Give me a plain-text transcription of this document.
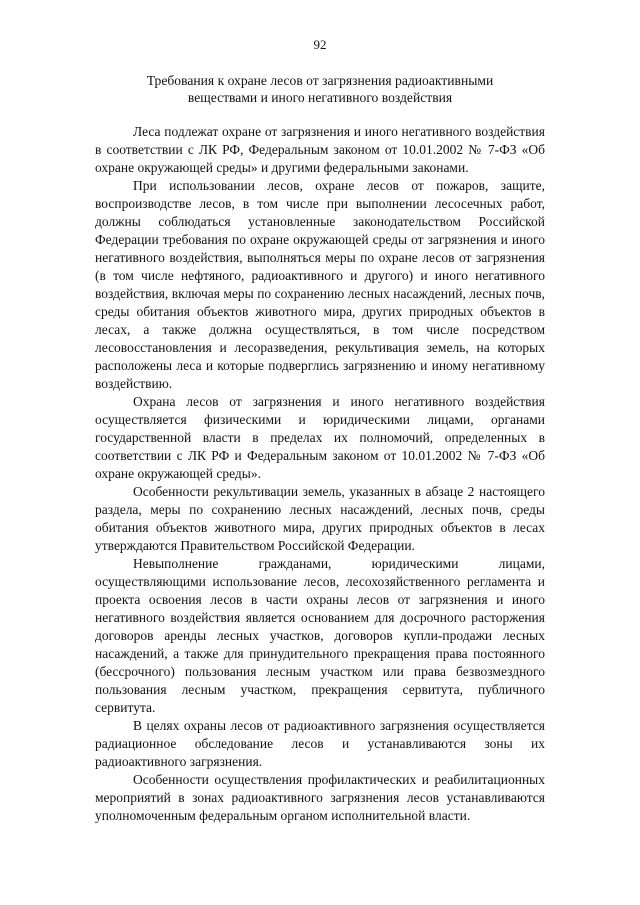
92
Требования к охране лесов от загрязнения радиоактивными
веществами и иного негативного воздействия

Леса подлежат охране от загрязнения и иного негативного воздействия в соответствии с ЛК РФ, Федеральным законом от 10.01.2002 № 7-ФЗ «Об охране окружающей среды» и другими федеральными законами.

При использовании лесов, охране лесов от пожаров, защите, воспроизводстве лесов, в том числе при выполнении лесосечных работ, должны соблюдаться установленные законодательством Российской Федерации требования по охране окружающей среды от загрязнения и иного негативного воздействия, выполняться меры по охране лесов от загрязнения (в том числе нефтяного, радиоактивного и другого) и иного негативного воздействия, включая меры по сохранению лесных насаждений, лесных почв, среды обитания объектов животного мира, других природных объектов в лесах, а также должна осуществляться, в том числе посредством лесовосстановления и лесоразведения, рекультивация земель, на которых расположены леса и которые подверглись загрязнению и иному негативному воздействию.

Охрана лесов от загрязнения и иного негативного воздействия осуществляется физическими и юридическими лицами, органами государственной власти в пределах их полномочий, определенных в соответствии с ЛК РФ и Федеральным законом от 10.01.2002 № 7-ФЗ «Об охране окружающей среды».

Особенности рекультивации земель, указанных в абзаце 2 настоящего раздела, меры по сохранению лесных насаждений, лесных почв, среды обитания объектов животного мира, других природных объектов в лесах утверждаются Правительством Российской Федерации.

Невыполнение гражданами, юридическими лицами, осуществляющими использование лесов, лесохозяйственного регламента и проекта освоения лесов в части охраны лесов от загрязнения и иного негативного воздействия является основанием для досрочного расторжения договоров аренды лесных участков, договоров купли-продажи лесных насаждений, а также для принудительного прекращения права постоянного (бессрочного) пользования лесным участком или права безвозмездного пользования лесным участком, прекращения сервитута, публичного сервитута.

В целях охраны лесов от радиоактивного загрязнения осуществляется радиационное обследование лесов и устанавливаются зоны их радиоактивного загрязнения.

Особенности осуществления профилактических и реабилитационных мероприятий в зонах радиоактивного загрязнения лесов устанавливаются уполномоченным федеральным органом исполнительной власти.
